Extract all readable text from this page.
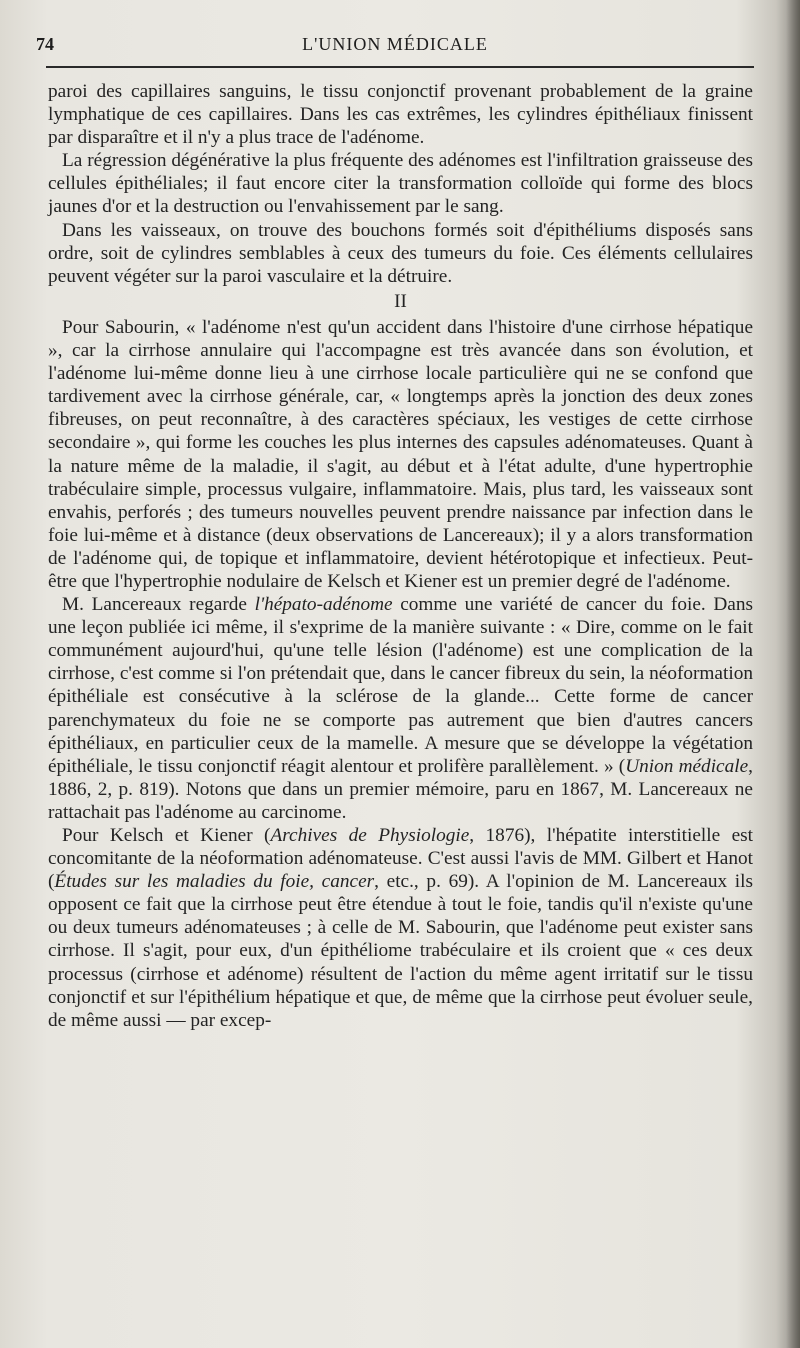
74	L'UNION MÉDICALE

paroi des capillaires sanguins, le tissu conjonctif provenant probablement de la graine lymphatique de ces capillaires. Dans les cas extrêmes, les cylindres épithéliaux finissent par disparaître et il n'y a plus trace de l'adénome.

La régression dégénérative la plus fréquente des adénomes est l'infiltration graisseuse des cellules épithéliales; il faut encore citer la transformation colloïde qui forme des blocs jaunes d'or et la destruction ou l'envahissement par le sang.

Dans les vaisseaux, on trouve des bouchons formés soit d'épithéliums disposés sans ordre, soit de cylindres semblables à ceux des tumeurs du foie. Ces éléments cellulaires peuvent végéter sur la paroi vasculaire et la détruire.

II

Pour Sabourin, « l'adénome n'est qu'un accident dans l'histoire d'une cirrhose hépatique », car la cirrhose annulaire qui l'accompagne est très avancée dans son évolution, et l'adénome lui-même donne lieu à une cirrhose locale particulière qui ne se confond que tardivement avec la cirrhose générale, car, « longtemps après la jonction des deux zones fibreuses, on peut reconnaître, à des caractères spéciaux, les vestiges de cette cirrhose secondaire », qui forme les couches les plus internes des capsules adénomateuses. Quant à la nature même de la maladie, il s'agit, au début et à l'état adulte, d'une hypertrophie trabéculaire simple, processus vulgaire, inflammatoire. Mais, plus tard, les vaisseaux sont envahis, perforés ; des tumeurs nouvelles peuvent prendre naissance par infection dans le foie lui-même et à distance (deux observations de Lancereaux); il y a alors transformation de l'adénome qui, de topique et inflammatoire, devient hétérotopique et infectieux. Peut-être que l'hypertrophie nodulaire de Kelsch et Kiener est un premier degré de l'adénome.

M. Lancereaux regarde l'hépato-adénome comme une variété de cancer du foie. Dans une leçon publiée ici même, il s'exprime de la manière suivante : « Dire, comme on le fait communément aujourd'hui, qu'une telle lésion (l'adénome) est une complication de la cirrhose, c'est comme si l'on prétendait que, dans le cancer fibreux du sein, la néoformation épithéliale est consécutive à la sclérose de la glande... Cette forme de cancer parenchymateux du foie ne se comporte pas autrement que bien d'autres cancers épithéliaux, en particulier ceux de la mamelle. A mesure que se développe la végétation épithéliale, le tissu conjonctif réagit alentour et prolifère parallèlement. » (Union médicale, 1886, 2, p. 819). Notons que dans un premier mémoire, paru en 1867, M. Lancereaux ne rattachait pas l'adénome au carcinome.

Pour Kelsch et Kiener (Archives de Physiologie, 1876), l'hépatite interstitielle est concomitante de la néoformation adénomateuse. C'est aussi l'avis de MM. Gilbert et Hanot (Études sur les maladies du foie, cancer, etc., p. 69). A l'opinion de M. Lancereaux ils opposent ce fait que la cirrhose peut être étendue à tout le foie, tandis qu'il n'existe qu'une ou deux tumeurs adénomateuses ; à celle de M. Sabourin, que l'adénome peut exister sans cirrhose. Il s'agit, pour eux, d'un épithéliome trabéculaire et ils croient que « ces deux processus (cirrhose et adénome) résultent de l'action du même agent irritatif sur le tissu conjonctif et sur l'épithélium hépatique et que, de même que la cirrhose peut évoluer seule, de même aussi — par excep-
